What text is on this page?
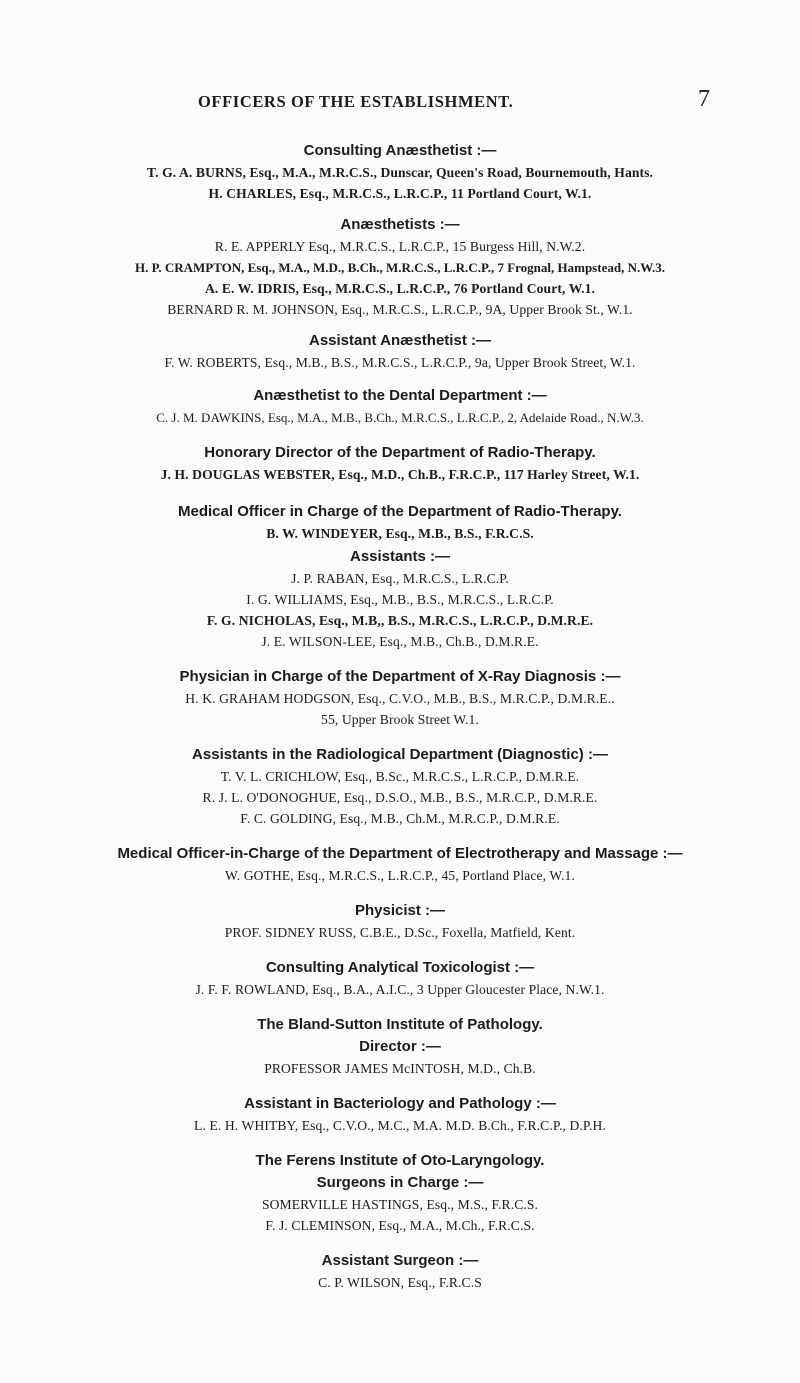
OFFICERS OF THE ESTABLISHMENT.	7
Consulting Anæsthetist :—
T. G. A. BURNS, Esq., M.A., M.R.C.S., Dunscar, Queen's Road, Bournemouth, Hants.
H. CHARLES, Esq., M.R.C.S., L.R.C.P., 11 Portland Court, W.1.
Anæsthetists :—
R. E. APPERLY Esq., M.R.C.S., L.R.C.P., 15 Burgess Hill, N.W.2.
H. P. CRAMPTON, Esq., M.A., M.D., B.Ch., M.R.C.S., L.R.C.P., 7 Frognal, Hampstead, N.W.3.
A. E. W. IDRIS, Esq., M.R.C.S., L.R.C.P., 76 Portland Court, W.1.
BERNARD R. M. JOHNSON, Esq., M.R.C.S., L.R.C.P., 9A, Upper Brook St., W.1.
Assistant Anæsthetist :—
F. W. ROBERTS, Esq., M.B., B.S., M.R.C.S., L.R.C.P., 9a, Upper Brook Street, W.1.
Anæsthetist to the Dental Department :—
C. J. M. DAWKINS, Esq., M.A., M.B., B.Ch., M.R.C.S., L.R.C.P., 2, Adelaide Road., N.W.3.
Honorary Director of the Department of Radio-Therapy.
J. H. DOUGLAS WEBSTER, Esq., M.D., Ch.B., F.R.C.P., 117 Harley Street, W.1.
Medical Officer in Charge of the Department of Radio-Therapy.
B. W. WINDEYER, Esq., M.B., B.S., F.R.C.S.
Assistants :—
J. P. RABAN, Esq., M.R.C.S., L.R.C.P.
I. G. WILLIAMS, Esq., M.B., B.S., M.R.C.S., L.R.C.P.
F. G. NICHOLAS, Esq., M.B,, B.S., M.R.C.S., L.R.C.P., D.M.R.E.
J. E. WILSON-LEE, Esq., M.B., Ch.B., D.M.R.E.
Physician in Charge of the Department of X-Ray Diagnosis :—
H. K. GRAHAM HODGSON, Esq., C.V.O., M.B., B.S., M.R.C.P., D.M.R.E..
55, Upper Brook Street W.1.
Assistants in the Radiological Department (Diagnostic) :—
T. V. L. CRICHLOW, Esq., B.Sc., M.R.C.S., L.R.C.P., D.M.R.E.
R. J. L. O'DONOGHUE, Esq., D.S.O., M.B., B.S., M.R.C.P., D.M.R.E.
F. C. GOLDING, Esq., M.B., Ch.M., M.R.C.P., D.M.R.E.
Medical Officer-in-Charge of the Department of Electrotherapy and Massage :—
W. GOTHE, Esq., M.R.C.S., L.R.C.P., 45, Portland Place, W.1.
Physicist :—
PROF. SIDNEY RUSS, C.B.E., D.Sc., Foxella, Matfield, Kent.
Consulting Analytical Toxicologist :—
J. F. F. ROWLAND, Esq., B.A., A.I.C., 3 Upper Gloucester Place, N.W.1.
The Bland-Sutton Institute of Pathology.
Director :—
PROFESSOR JAMES McINTOSH, M.D., Ch.B.
Assistant in Bacteriology and Pathology :—
L. E. H. WHITBY, Esq., C.V.O., M.C., M.A. M.D. B.Ch., F.R.C.P., D.P.H.
The Ferens Institute of Oto-Laryngology.
Surgeons in Charge :—
SOMERVILLE HASTINGS, Esq., M.S., F.R.C.S.
F. J. CLEMINSON, Esq., M.A., M.Ch., F.R.C.S.
Assistant Surgeon :—
C. P. WILSON, Esq., F.R.C.S
